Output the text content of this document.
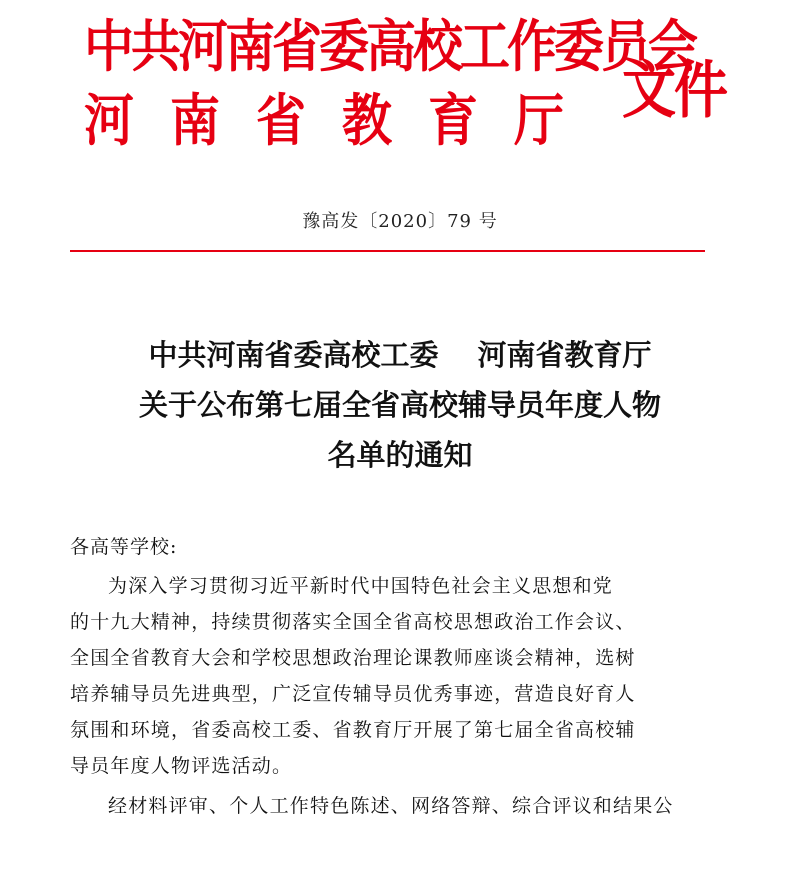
中共河南省委高校工作委员会
河南省教育厅 文件
豫高发〔2020〕79 号
中共河南省委高校工委　 河南省教育厅
关于公布第七届全省高校辅导员年度人物
名单的通知

各高等学校:

为深入学习贯彻习近平新时代中国特色社会主义思想和党

的十九大精神，持续贯彻落实全国全省高校思想政治工作会议、

全国全省教育大会和学校思想政治理论课教师座谈会精神，选树

培养辅导员先进典型，广泛宣传辅导员优秀事迹，营造良好育人

氛围和环境，省委高校工委、省教育厅开展了第七届全省高校辅

导员年度人物评选活动。

经材料评审、个人工作特色陈述、网络答辩、综合评议和结果公
